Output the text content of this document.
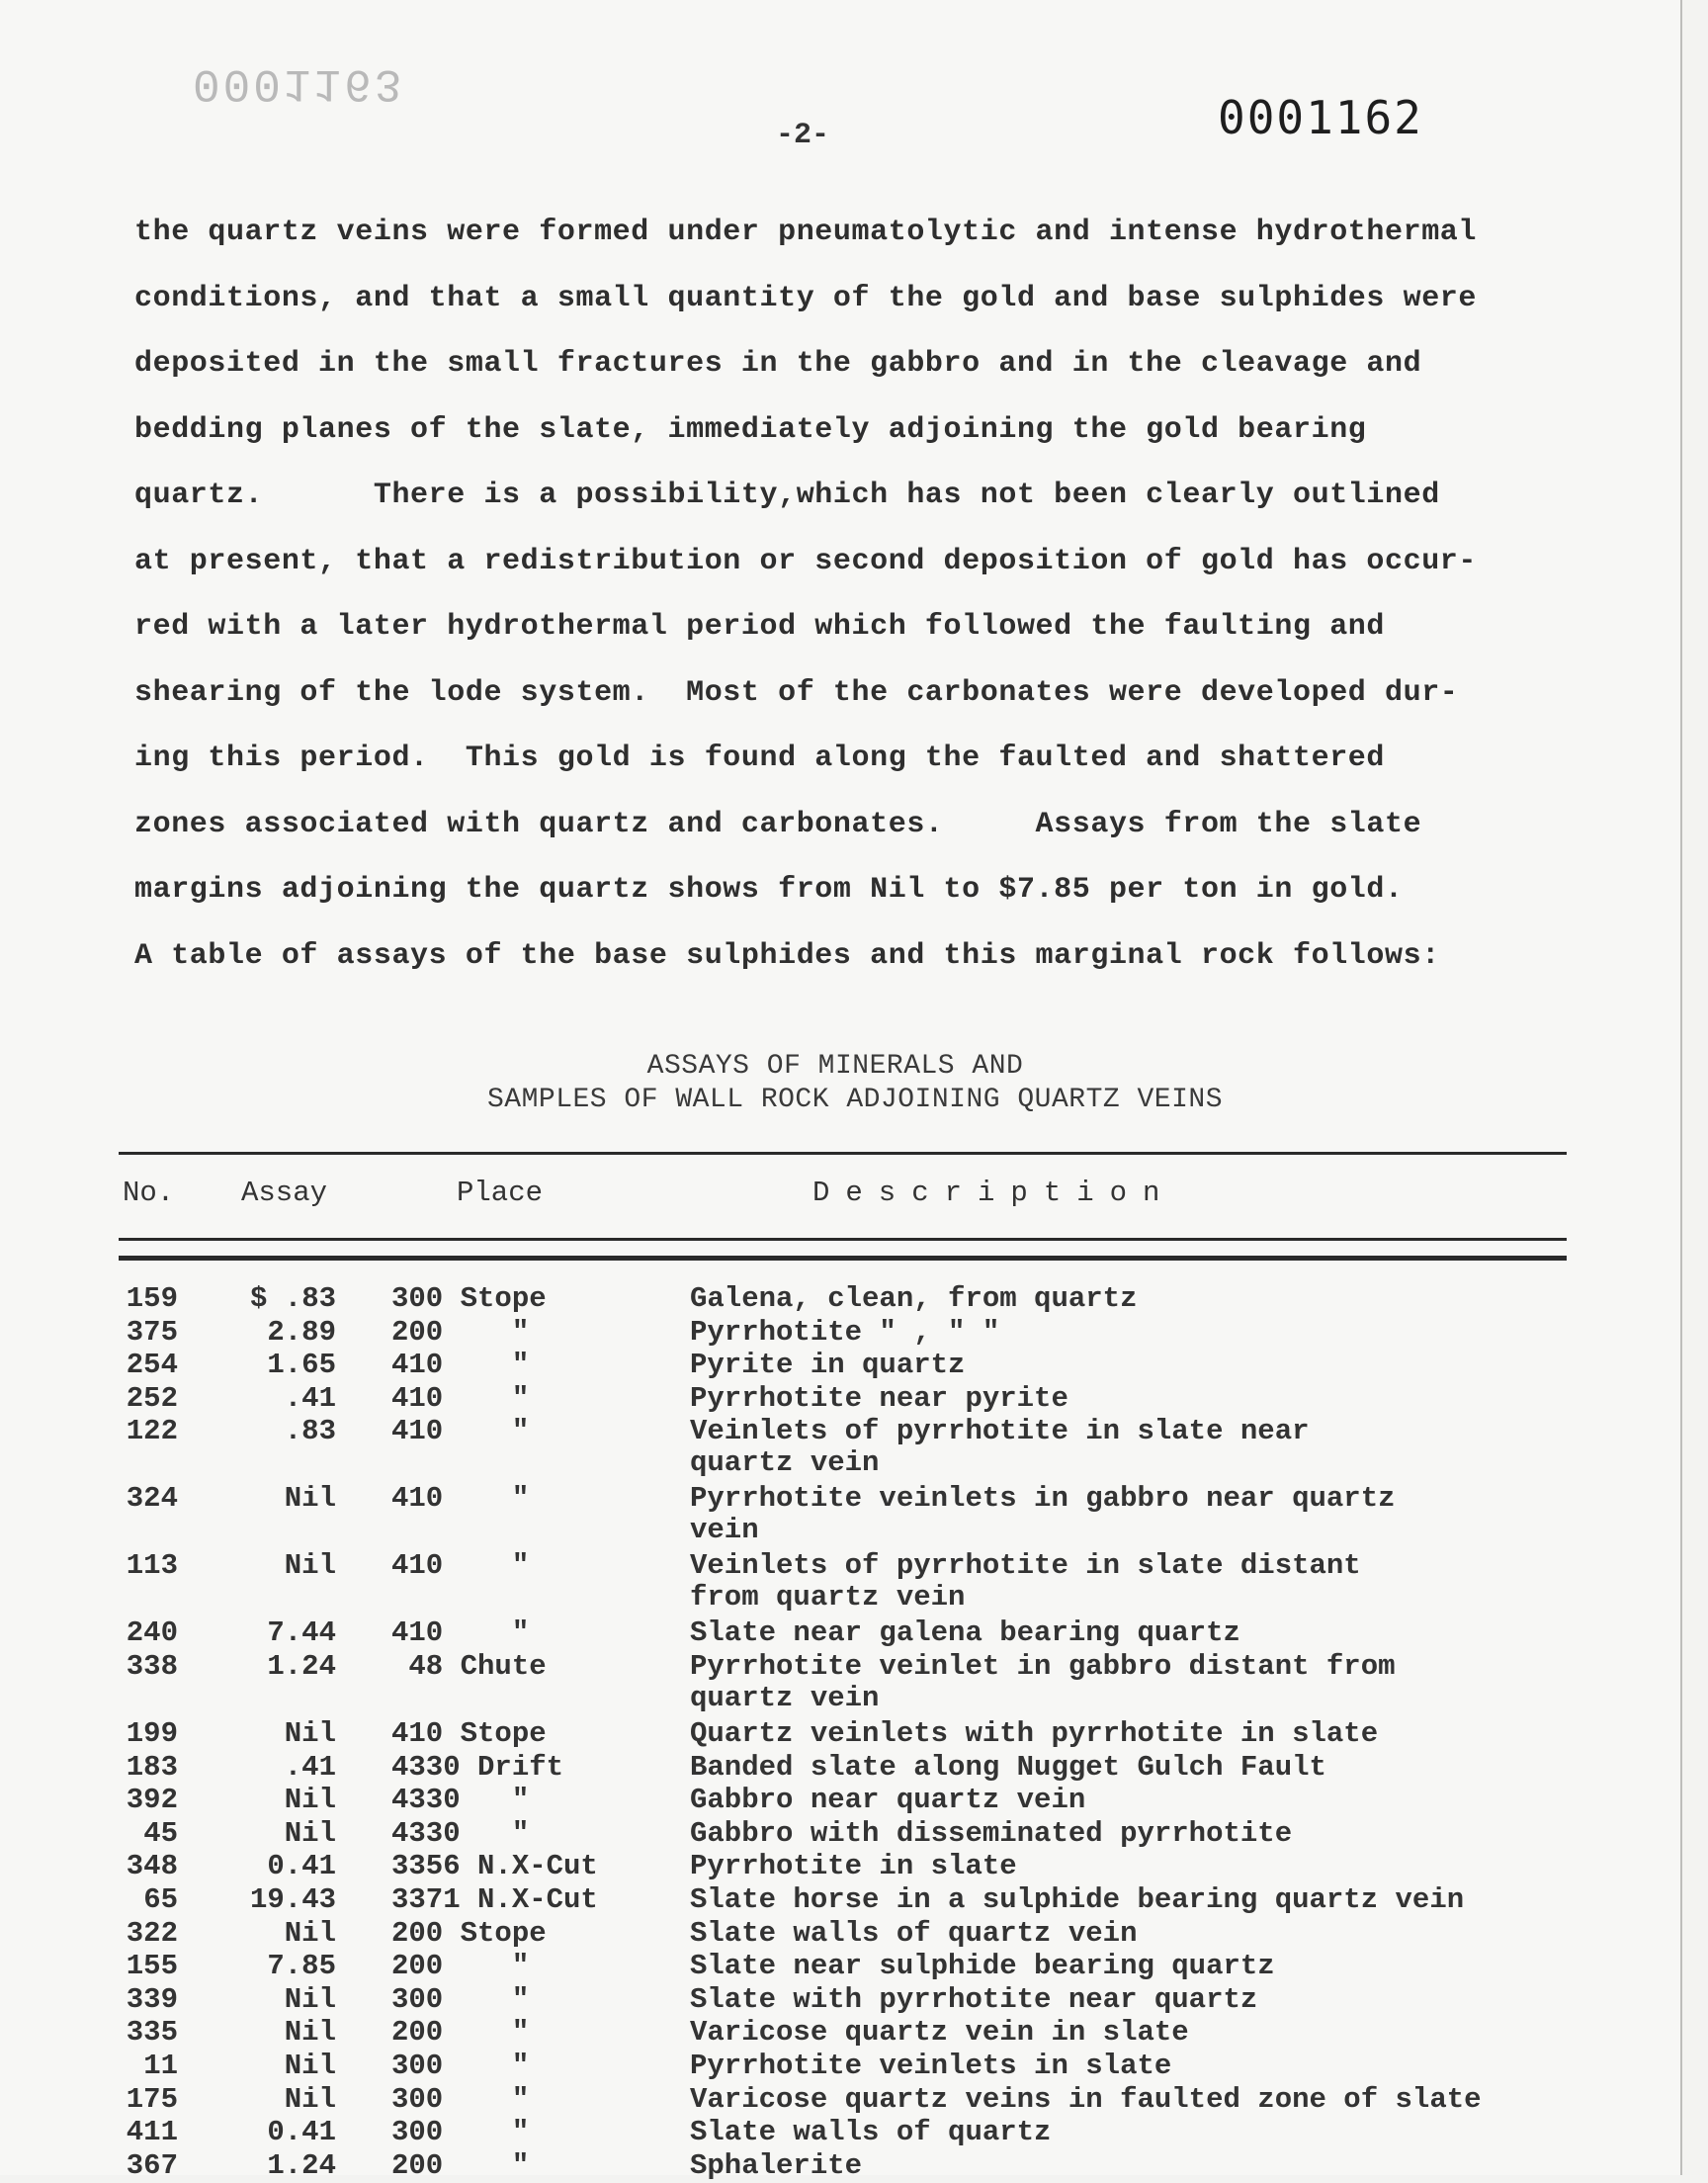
0001163
-2-	0001162
the quartz veins were formed under pneumatolytic and intense hydrothermal
conditions, and that a small quantity of the gold and base sulphides were
deposited in the small fractures in the gabbro and in the cleavage and
bedding planes of the slate, immediately adjoining the gold bearing
quartz.      There is a possibility,which has not been clearly outlined
at present, that a redistribution or second deposition of gold has occur-
red with a later hydrothermal period which followed the faulting and
shearing of the lode system.  Most of the carbonates were developed dur-
ing this period.  This gold is found along the faulted and shattered
zones associated with quartz and carbonates.     Assays from the slate
margins adjoining the quartz shows from Nil to $7.85 per ton in gold.
A table of assays of the base sulphides and this marginal rock follows:
ASSAYS OF MINERALS AND
SAMPLES OF WALL ROCK ADJOINING QUARTZ VEINS
No. Assay	Place	Description
159	$ .83 300 Stope	Galena, clean, from quartz
375	2.89 200    "	Pyrrhotite " , " "
254	1.65 410    "	Pyrite in quartz
252	.41 410    "	Pyrrhotite near pyrite
122	.83 410    "	Veinlets of pyrrhotite in slate near quartz vein
324	Nil 410    "	Pyrrhotite veinlets in gabbro near quartz vein
113	Nil 410    "	Veinlets of pyrrhotite in slate distant from quartz vein
240	7.44 410    "	Slate near galena bearing quartz
338	1.24 48 Chute	Pyrrhotite veinlet in gabbro distant from quartz vein
199	Nil 410 Stope	Quartz veinlets with pyrrhotite in slate
183	.41 4330 Drift	Banded slate along Nugget Gulch Fault
392	Nil 4330   "	Gabbro near quartz vein
45	Nil 4330   "	Gabbro with disseminated pyrrhotite
348	0.41 3356 N.X-Cut	Pyrrhotite in slate
65	19.43 3371 N.X-Cut	Slate horse in a sulphide bearing quartz vein
322	Nil 200 Stope	Slate walls of quartz vein
155	7.85 200    "	Slate near sulphide bearing quartz
339	Nil 300    "	Slate with pyrrhotite near quartz
335	Nil 200    "	Varicose quartz vein in slate
11	Nil 300    "	Pyrrhotite veinlets in slate
175	Nil 300    "	Varicose quartz veins in faulted zone of slate
411	0.41 300    "	Slate walls of quartz
367	1.24 200    "	Sphalerite
